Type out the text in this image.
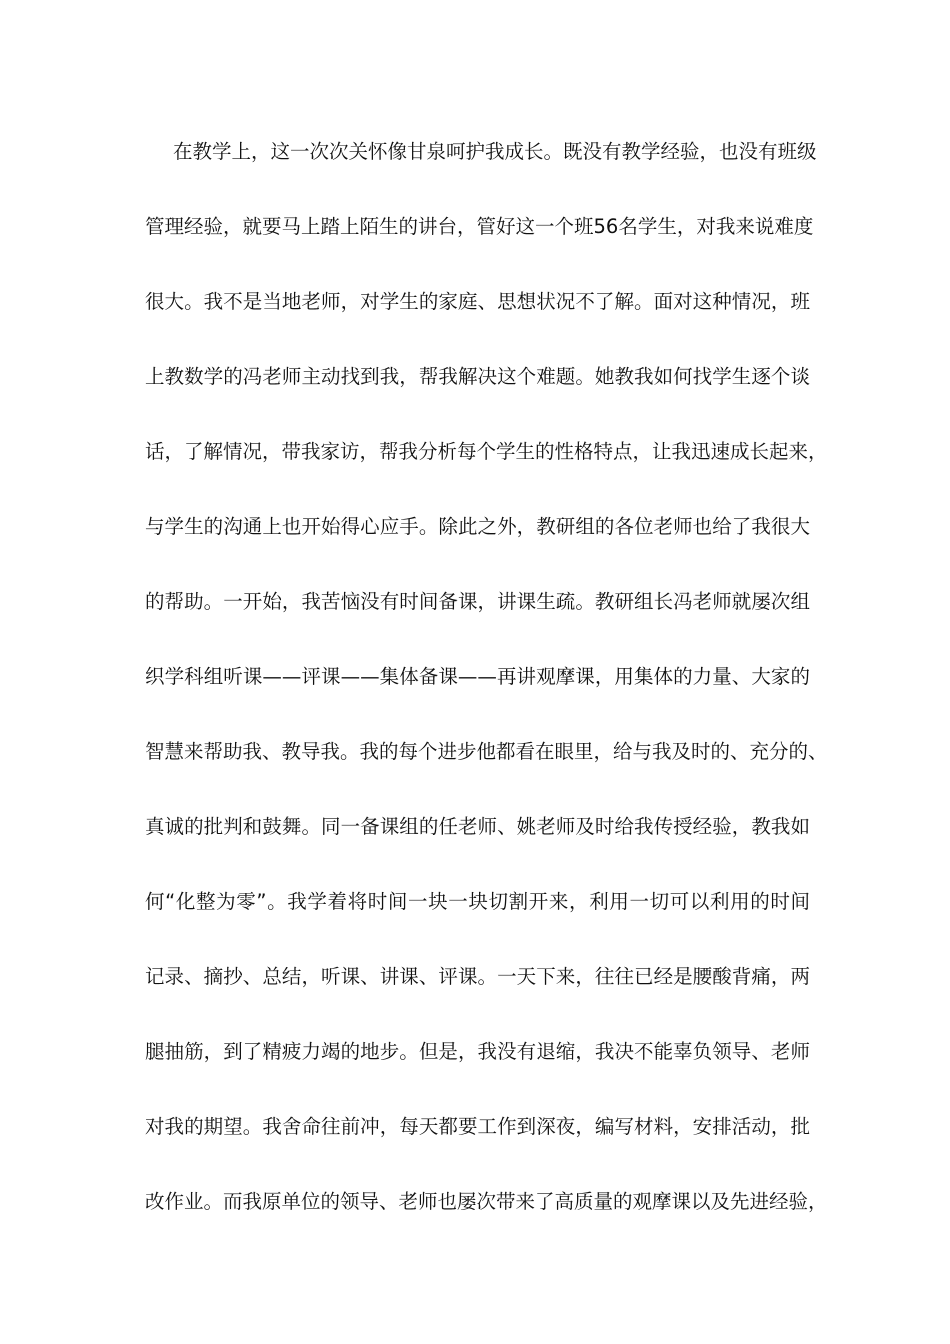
在教学上，这一次次关怀像甘泉呵护我成长。既没有教学经验，也没有班级
管理经验，就要马上踏上陌生的讲台，管好这一个班56名学生，对我来说难度
很大。我不是当地老师，对学生的家庭、思想状况不了解。面对这种情况，班
上教数学的冯老师主动找到我，帮我解决这个难题。她教我如何找学生逐个谈
话，了解情况，带我家访，帮我分析每个学生的性格特点，让我迅速成长起来，
与学生的沟通上也开始得心应手。除此之外，教研组的各位老师也给了我很大
的帮助。一开始，我苦恼没有时间备课，讲课生疏。教研组长冯老师就屡次组
织学科组听课——评课——集体备课——再讲观摩课，用集体的力量、大家的
智慧来帮助我、教导我。我的每个进步他都看在眼里，给与我及时的、充分的、
真诚的批判和鼓舞。同一备课组的任老师、姚老师及时给我传授经验，教我如
何“化整为零”。我学着将时间一块一块切割开来，利用一切可以利用的时间
记录、摘抄、总结，听课、讲课、评课。一天下来，往往已经是腰酸背痛，两
腿抽筋，到了精疲力竭的地步。但是，我没有退缩，我决不能辜负领导、老师
对我的期望。我舍命往前冲，每天都要工作到深夜，编写材料，安排活动，批
改作业。而我原单位的领导、老师也屡次带来了高质量的观摩课以及先进经验，
